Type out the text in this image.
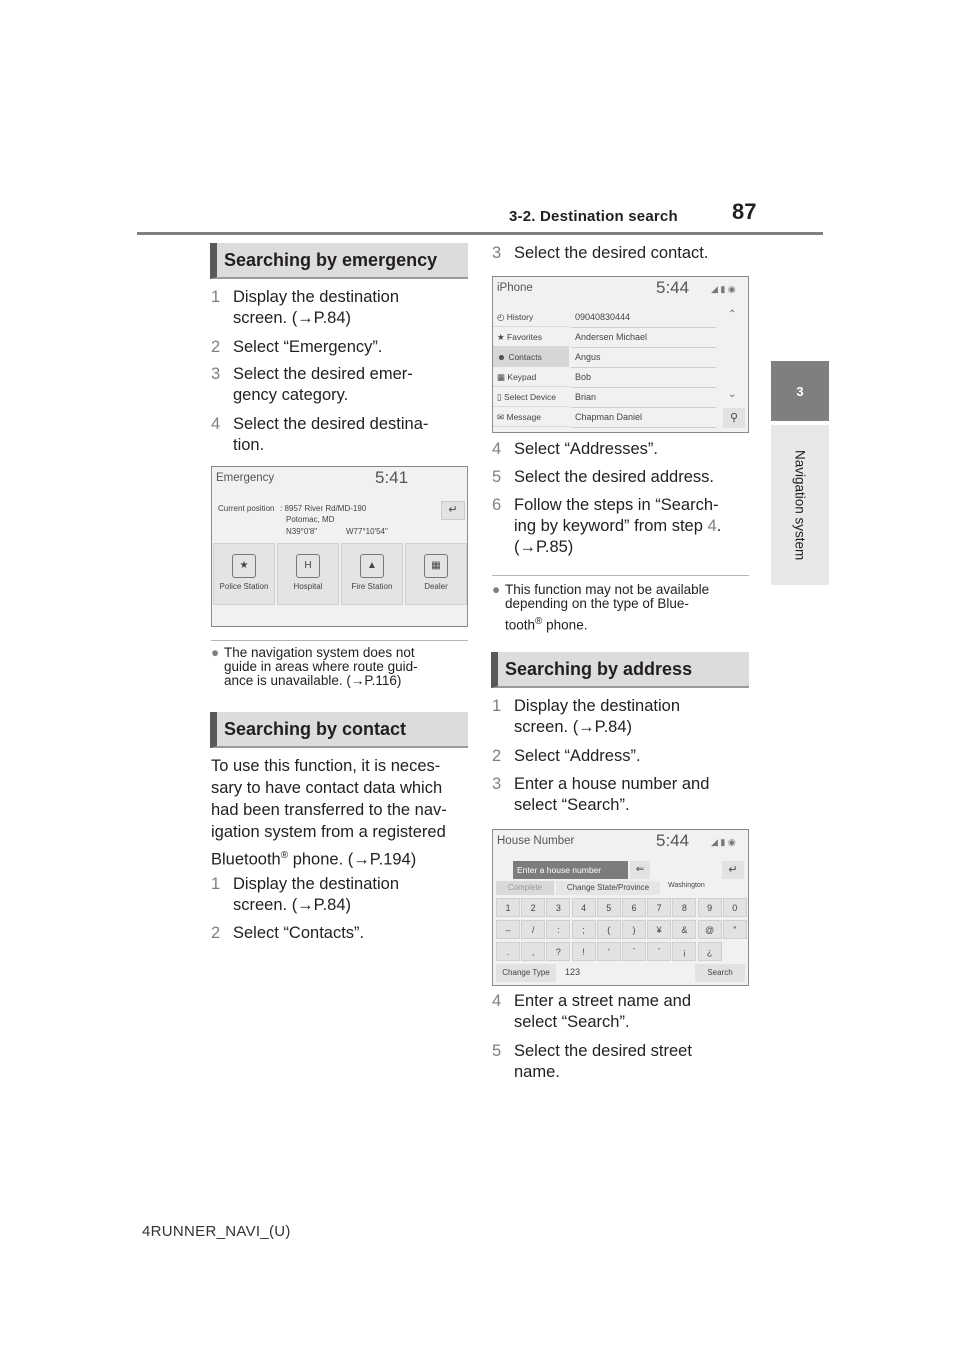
3-2. Destination search 87
3
Navigation system
Searching by emergency
1 Display the destination
screen. (→P.84)
2 Select “Emergency”.
3 Select the desired emer-
gency category.
4 Select the desired destina-
tion.
Emergency	5:41
Current position : 8957 River Rd/MD-190
Potomac, MD
N39°0'8"	W77°10'54"
↵
★
Police Station
H
Hospital
▲
Fire Station
▦
Dealer
● The navigation system does not
guide in areas where route guid-
ance is unavailable. (→P.116)
Searching by contact
To use this function, it is neces-
sary to have contact data which
had been transferred to the nav-
igation system from a registered
Bluetooth® phone. (→P.194)
1 Display the destination
screen. (→P.84)
2 Select “Contacts”.
3 Select the desired contact.
iPhone	5:44 ◢ ▮ ◉
◴ History
★ Favorites
☻ Contacts
▦ Keypad
▯ Select Device
✉ Message
09040830444
Andersen Michael
Angus
Bob
Brian
Chapman Daniel
⌃
⌄
⚲
4 Select “Addresses”.
5 Select the desired address.
6 Follow the steps in “Search-
ing by keyword” from step 4.
(→P.85)
● This function may not be available
depending on the type of Blue-
tooth® phone.
Searching by address
1 Display the destination
screen. (→P.84)
2 Select “Address”.
3 Enter a house number and
select “Search”.
House Number	5:44 ◢ ▮ ◉
Enter a house number	⇐	↵
Complete	Change State/Province	Washington
1	2	3	4	5	6	7	8	9	0
–	/	:	;	(	)	¥	&	@	"
.	,	?	!	'	`	´	¡	¿
Change Type	123	Search
4 Enter a street name and
select “Search”.
5 Select the desired street
name.
4RUNNER_NAVI_(U)
